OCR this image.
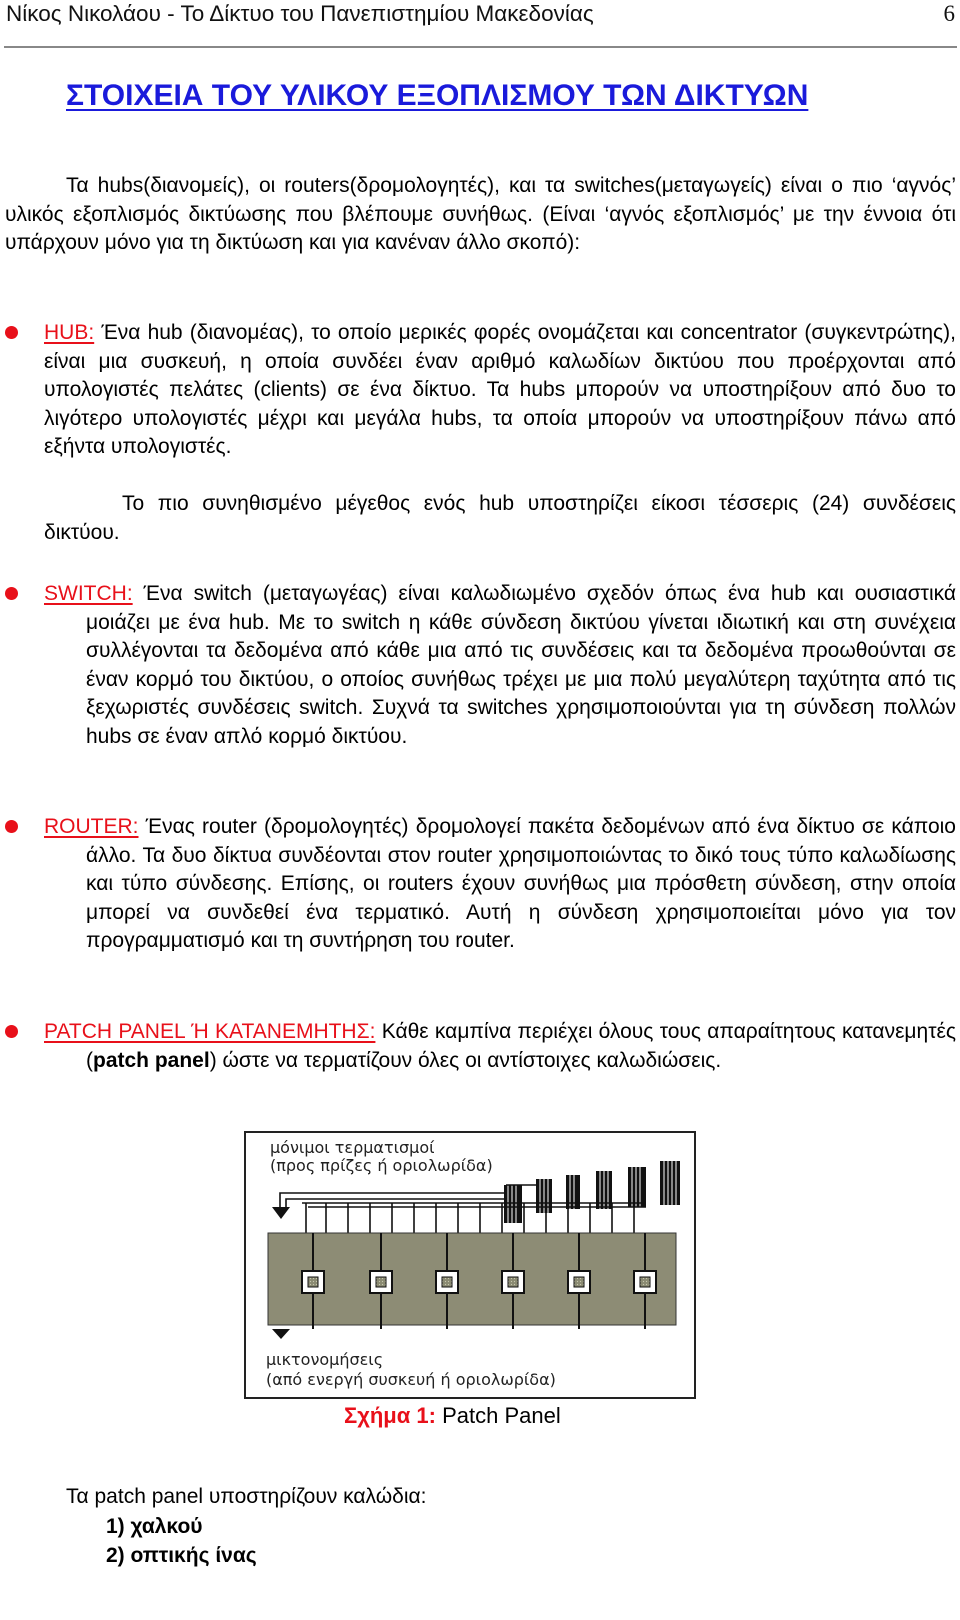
Νίκος Νικολάου - Το Δίκτυο του Πανεπιστημίου Μακεδονίας	6
ΣΤΟΙΧΕΙΑ ΤΟΥ ΥΛΙΚΟΥ ΕΞΟΠΛΙΣΜΟΥ ΤΩΝ ΔΙΚΤΥΩΝ
Τα hubs(διανομείς), οι routers(δρομολογητές), και τα switches(μεταγωγείς) είναι ο πιο ‘αγνός’ υλικός εξοπλισμός δικτύωσης που βλέπουμε συνήθως. (Είναι ‘αγνός εξοπλισμός’ με την έννοια ότι υπάρχουν μόνο για τη δικτύωση και για κανέναν άλλο σκοπό):
HUB: Ένα hub (διανομέας), το οποίο μερικές φορές ονομάζεται και concentrator (συγκεντρώτης), είναι μια συσκευή, η οποία συνδέει έναν αριθμό καλωδίων δικτύου που προέρχονται από υπολογιστές πελάτες (clients) σε ένα δίκτυο. Τα hubs μπορούν να υποστηρίξουν από δυο το λιγότερο υπολογιστές μέχρι και μεγάλα hubs, τα οποία μπορούν να υποστηρίξουν πάνω από εξήντα υπολογιστές.
Το πιο συνηθισμένο μέγεθος ενός hub υποστηρίζει είκοσι τέσσερις (24) συνδέσεις δικτύου.
SWITCH: Ένα switch (μεταγωγέας) είναι καλωδιωμένο σχεδόν όπως ένα hub και ουσιαστικά μοιάζει με ένα hub. Με το switch η κάθε σύνδεση δικτύου γίνεται ιδιωτική και στη συνέχεια συλλέγονται τα δεδομένα από κάθε μια από τις συνδέσεις και τα δεδομένα προωθούνται σε έναν κορμό του δικτύου, ο οποίος συνήθως τρέχει με μια πολύ μεγαλύτερη ταχύτητα από τις ξεχωριστές συνδέσεις switch. Συχνά τα switches χρησιμοποιούνται για τη σύνδεση πολλών hubs σε έναν απλό κορμό δικτύου.
ROUTER: Ένας router (δρομολογητές) δρομολογεί πακέτα δεδομένων από ένα δίκτυο σε κάποιο άλλο. Τα δυο δίκτυα συνδέονται στον router χρησιμοποιώντας το δικό τους τύπο καλωδίωσης και τύπο σύνδεσης. Επίσης, οι routers έχουν συνήθως μια πρόσθετη σύνδεση, στην οποία μπορεί να συνδεθεί ένα τερματικό. Αυτή η σύνδεση χρησιμοποιείται μόνο για τον προγραμματισμό και τη συντήρηση του router.
PATCH PANEL Ή ΚΑΤΑΝΕΜΗΤΗΣ: Κάθε καμπίνα περιέχει όλους τους απαραίτητους κατανεμητές (patch panel) ώστε να τερματίζουν όλες οι αντίστοιχες καλωδιώσεις.
μόνιμοι τερματισμοί
(προς πρίζες ή οριολωρίδα)
μικτονομήσεις
(από ενεργή συσκευή ή οριολωρίδα)
Σχήμα 1: Patch Panel
Τα patch panel υποστηρίζουν καλώδια:
1) χαλκού
2) οπτικής ίνας
